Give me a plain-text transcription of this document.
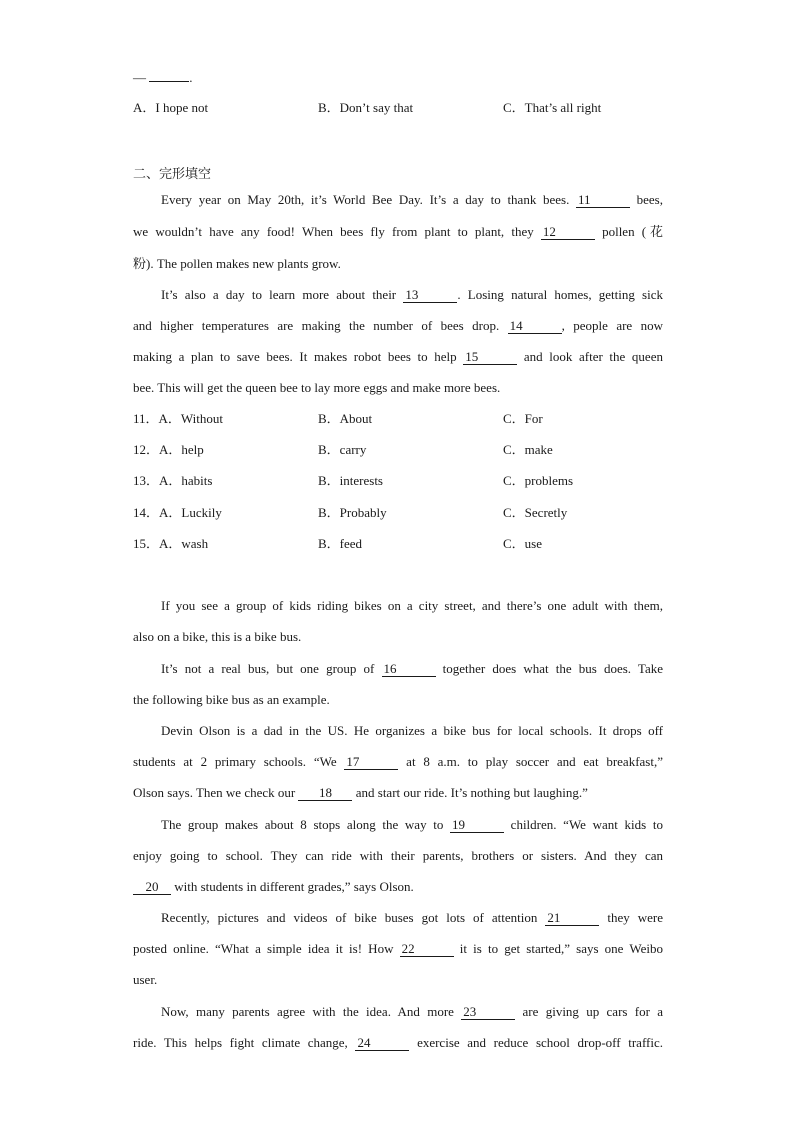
—	.
A．I hope not	B．Don’t say that	C．That’s all right
二、完形填空
Every year on May 20th, it’s World Bee Day. It’s a day to thank bees. 11	bees,
we wouldn’t have any food! When bees fly from plant to plant, they 12	pollen (花
粉). The pollen makes new plants grow.
It’s also a day to learn more about their 13	. Losing natural homes, getting sick
and higher temperatures are making the number of bees drop. 14	, people are now
making a plan to save bees. It makes robot bees to help 15	and look after the queen
bee. This will get the queen bee to lay more eggs and make more bees.
11．A．Without	B．About	C．For
12．A．help	B．carry	C．make
13．A．habits	B．interests	C．problems
14．A．Luckily	B．Probably	C．Secretly
15．A．wash	B．feed	C．use
If you see a group of kids riding bikes on a city street, and there’s one adult with them,
also on a bike, this is a bike bus.
It’s not a real bus, but one group of 16	together does what the bus does. Take
the following bike bus as an example.
Devin Olson is a dad in the US. He organizes a bike bus for local schools. It drops off
students at 2 primary schools. “We 17	at 8 a.m. to play soccer and eat breakfast,”
Olson says. Then we check our 18 and start our ride. It’s nothing but laughing.”
The group makes about 8 stops along the way to 19	children. “We want kids to
enjoy going to school. They can ride with their parents, brothers or sisters. And they can
20 with students in different grades,” says Olson.
Recently, pictures and videos of bike buses got lots of attention 21	they were
posted online. “What a simple idea it is! How 22	it is to get started,” says one Weibo
user.
Now, many parents agree with the idea. And more 23	are giving up cars for a
ride. This helps fight climate change, 24	exercise and reduce school drop-off traffic.
